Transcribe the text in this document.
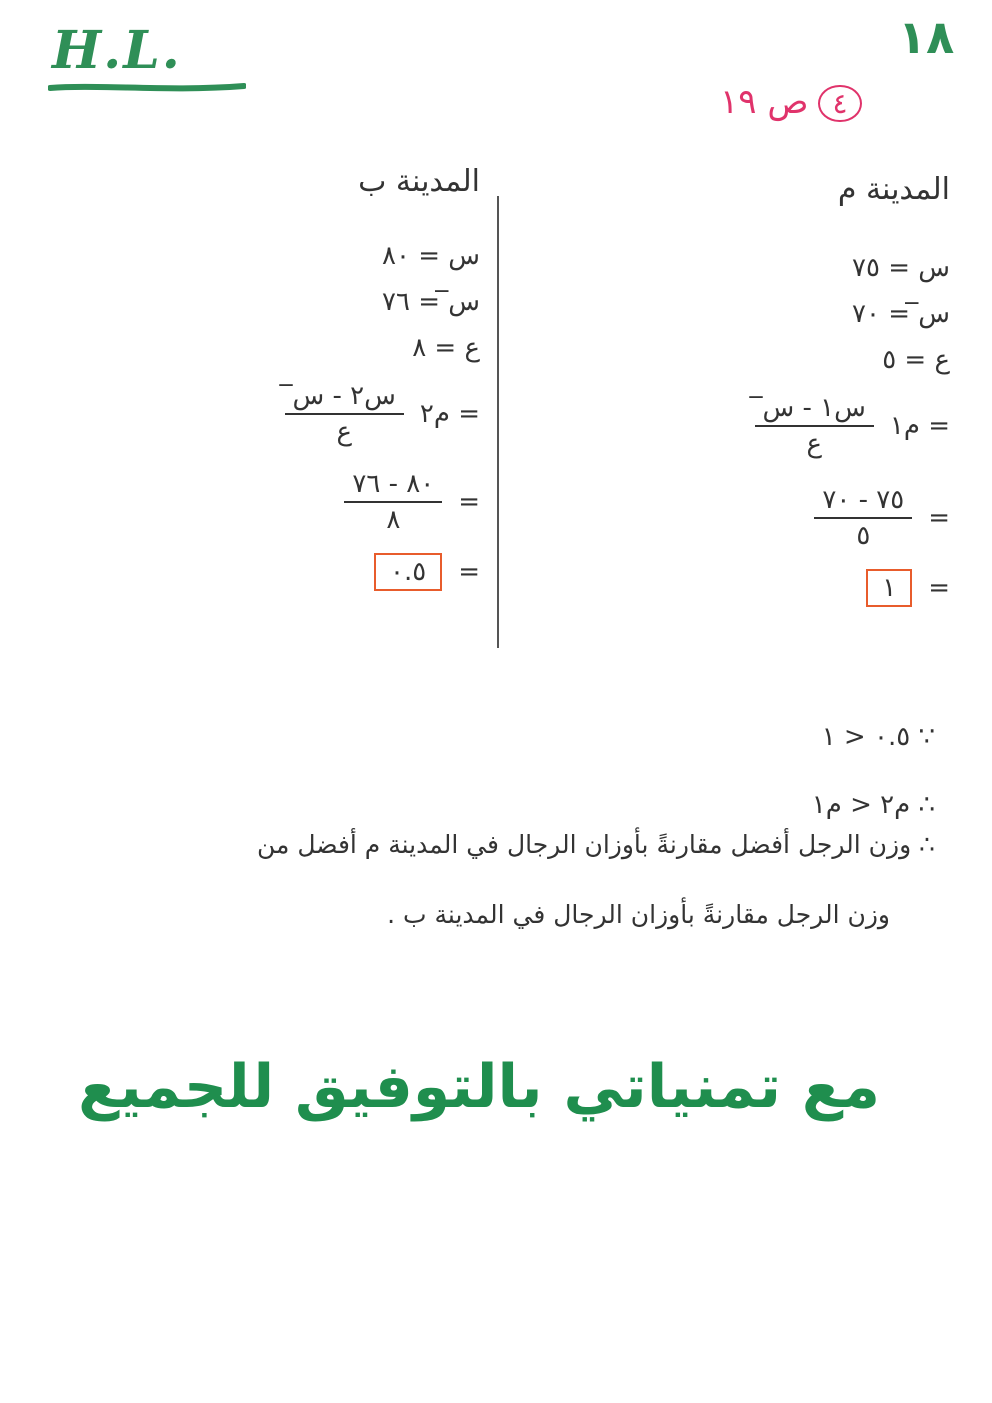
H.L.	١٨
٤ص ١٩
المدينة م
س = ٧٥
س̅ = ٧٠
ع = ٥
= م١
$\frac{\text{س١ - س̅}}{\text{ع}}$
=
$\frac{٧٥ - ٧٠}{٥}$
=
١
المدينة ب
س = ٨٠
س̅ = ٧٦
ع = ٨
= م٢
$\frac{\text{س٢ - س̅}}{\text{ع}}$
=
$\frac{٨٠ - ٧٦}{٨}$
=
٠.٥
∵ ٠.٥ < ١
∴ م٢ < م١
∴ وزن الرجل أفضل مقارنةً بأوزان الرجال في المدينة م أفضل من
وزن الرجل مقارنةً بأوزان الرجال في المدينة ب .
مع تمنياتي بالتوفيق للجميع
